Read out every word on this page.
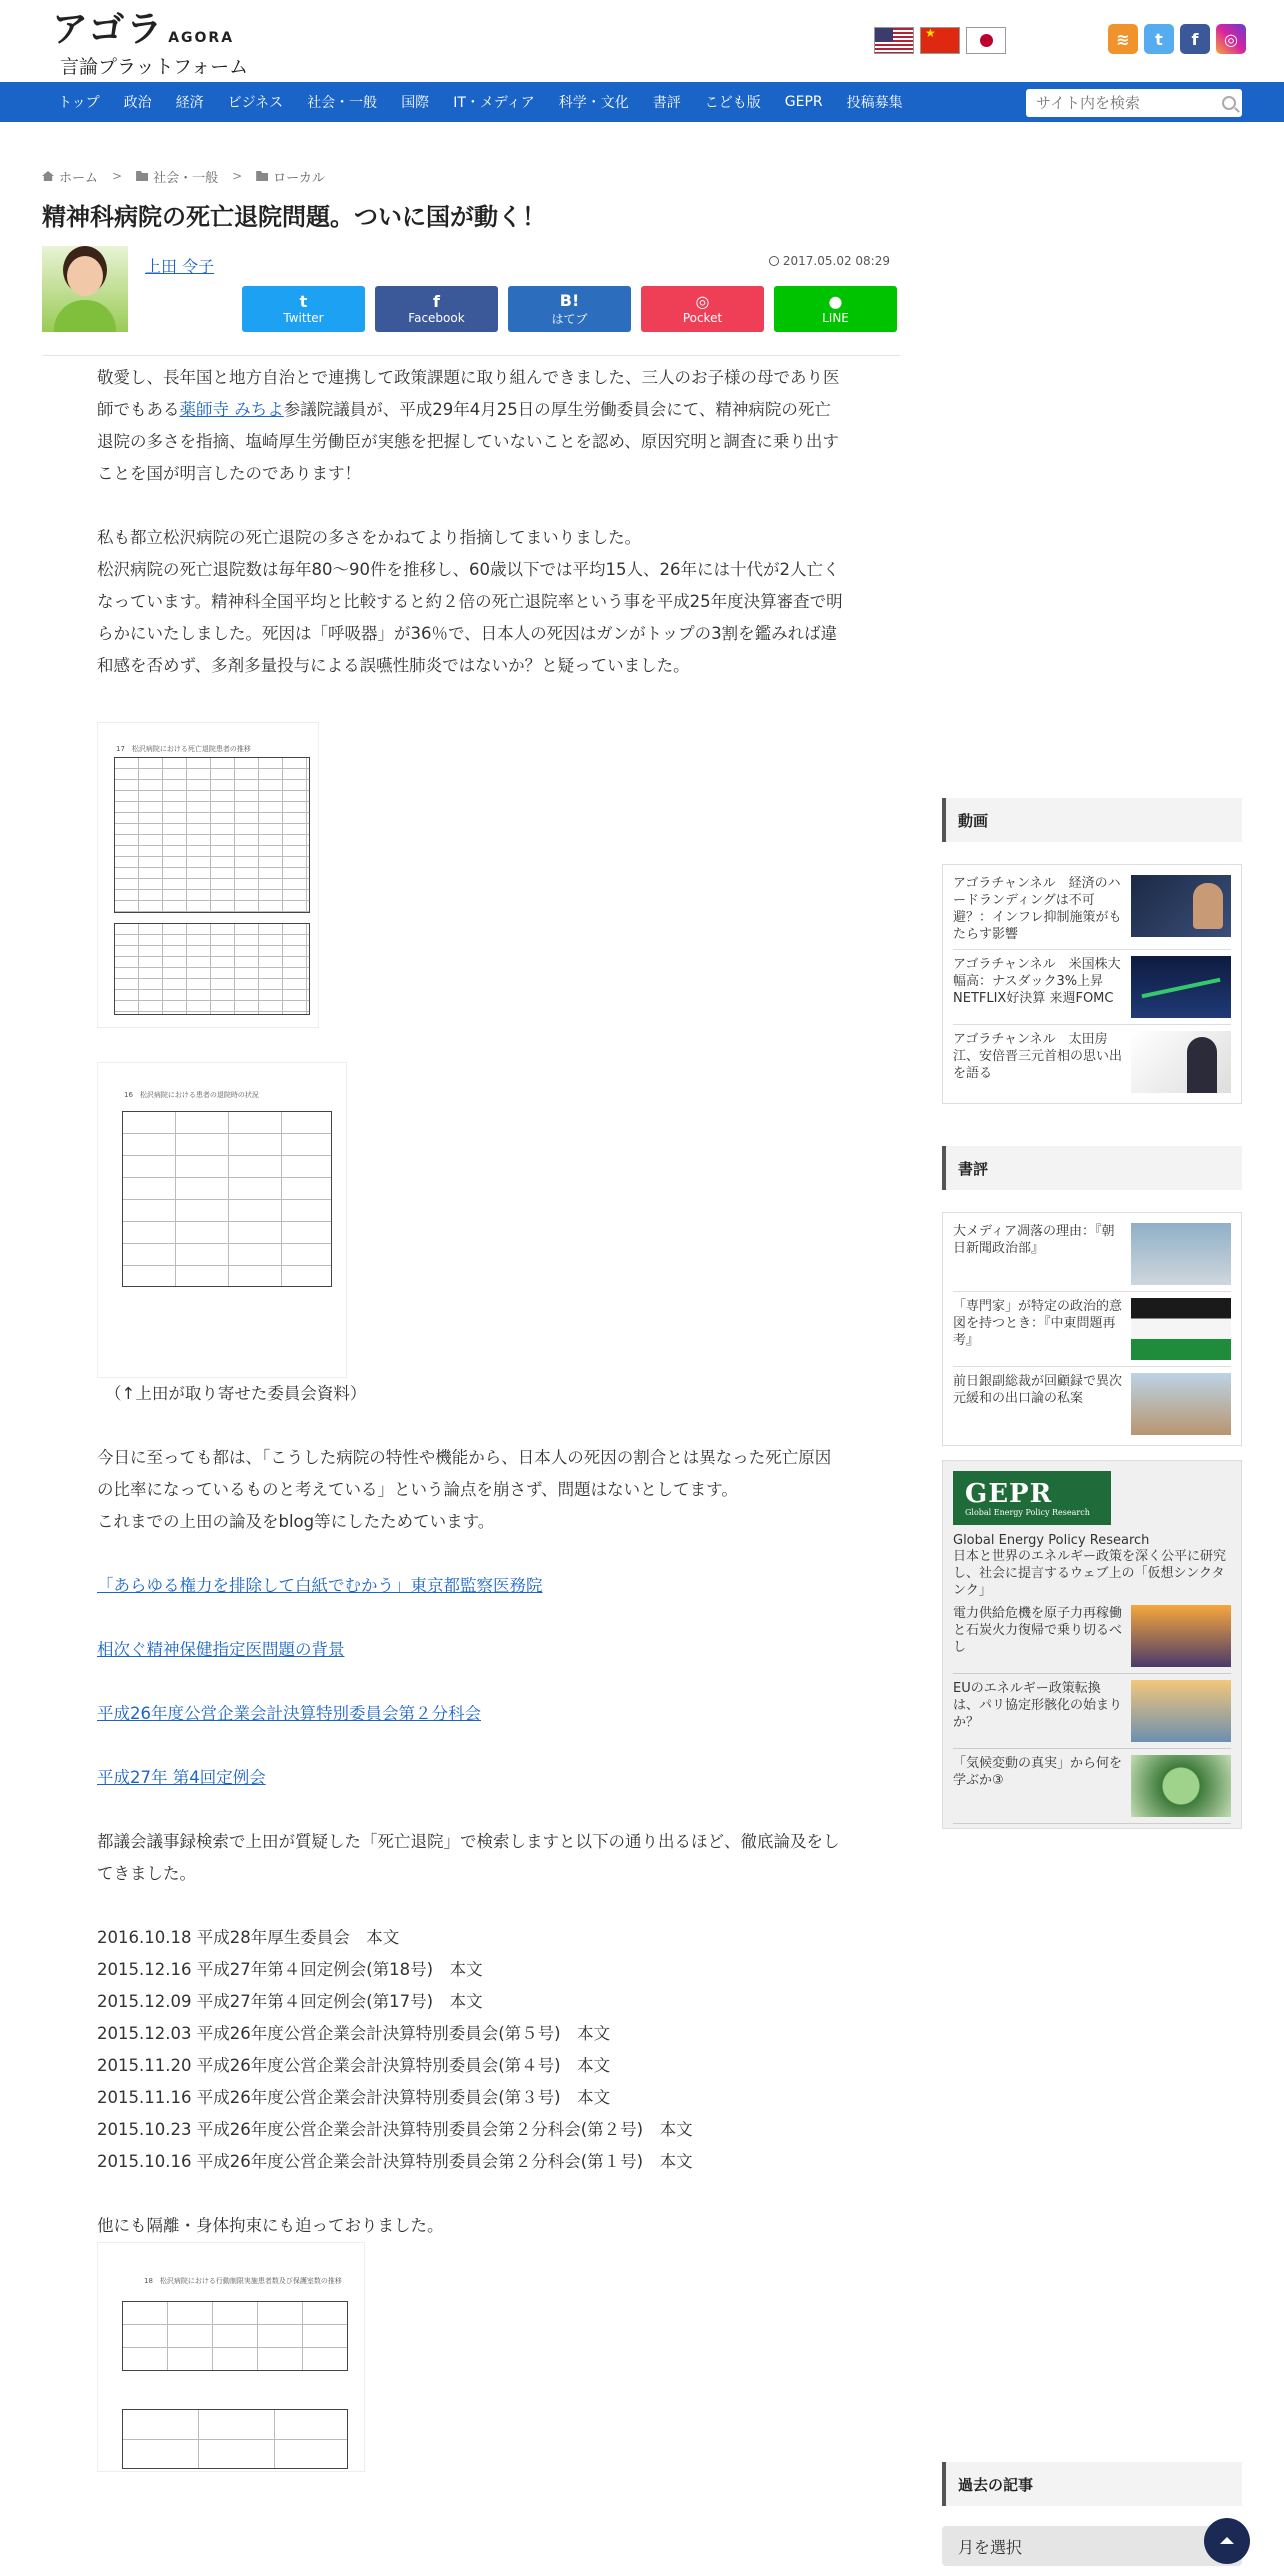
アゴラ $^{AGORA}$
言論プラットフォーム
★
≋	t	f	◎
トップ	政治	経済	ビジネス	社会・一般	国際	IT・メディア	科学・文化	書評	こども版	GEPR	投稿募集
サイト内を検索
ホーム > 社会・一般 > ローカル
精神科病院の死亡退院問題。ついに国が動く！
上田 令子	2017.05.02 08:29
t
Twitter
f
Facebook
B!
はてブ
◎
Pocket
●
LINE

敬愛し、長年国と地方自治とで連携して政策課題に取り組んできました、三人のお子様の母であり医師でもある薬師寺 みちよ参議院議員が、平成29年4月25日の厚生労働委員会にて、精神病院の死亡退院の多さを指摘、塩崎厚生労働臣が実態を把握していないことを認め、原因究明と調査に乗り出すことを国が明言したのであります！

私も都立松沢病院の死亡退院の多さをかねてより指摘してまいりました。

松沢病院の死亡退院数は毎年80～90件を推移し、60歳以下では平均15人、26年には十代が2人亡くなっています。精神科全国平均と比較すると約２倍の死亡退院率という事を平成25年度決算審査で明らかにいたしました。死因は「呼吸器」が36％で、日本人の死因はガンがトップの3割を鑑みれば違和感を否めず、多剤多量投与による誤嚥性肺炎ではないか？と疑っていました。

17　松沢病院における死亡退院患者の推移
16　松沢病院における患者の退院時の状況

（↑上田が取り寄せた委員会資料）

今日に至っても都は、「こうした病院の特性や機能から、日本人の死因の割合とは異なった死亡原因の比率になっているものと考えている」という論点を崩さず、問題はないとしてます。

これまでの上田の論及をblog等にしたためています。

「あらゆる権力を排除して白紙でむかう」東京都監察医務院

相次ぐ精神保健指定医問題の背景

平成26年度公営企業会計決算特別委員会第２分科会

平成27年 第4回定例会

都議会議事録検索で上田が質疑した「死亡退院」で検索しますと以下の通り出るほど、徹底論及をしてきました。

2016.10.18 平成28年厚生委員会　本文

2015.12.16 平成27年第４回定例会(第18号)　本文

2015.12.09 平成27年第４回定例会(第17号)　本文

2015.12.03 平成26年度公営企業会計決算特別委員会(第５号)　本文

2015.11.20 平成26年度公営企業会計決算特別委員会(第４号)　本文

2015.11.16 平成26年度公営企業会計決算特別委員会(第３号)　本文

2015.10.23 平成26年度公営企業会計決算特別委員会第２分科会(第２号)　本文

2015.10.16 平成26年度公営企業会計決算特別委員会第２分科会(第１号)　本文

他にも隔離・身体拘束にも迫っておりました。

18　松沢病院における行動制限実施患者数及び保護室数の推移
動画
アゴラチャンネル　経済のハードランディングは不可避？：インフレ抑制施策がもたらす影響
アゴラチャンネル　米国株大幅高：ナスダック3%上昇 NETFLIX好決算 来週FOMC
アゴラチャンネル　太田房江、安倍晋三元首相の思い出を語る
書評
大メディア凋落の理由：『朝日新聞政治部』
「専門家」が特定の政治的意図を持つとき：『中東問題再考』
前日銀副総裁が回顧録で異次元緩和の出口論の私案
GEPR
Global Energy Policy Research
Global Energy Policy Research
日本と世界のエネルギー政策を深く公平に研究し、社会に提言するウェブ上の「仮想シンクタンク」
電力供給危機を原子力再稼働と石炭火力復帰で乗り切るべし
EUのエネルギー政策転換は、パリ協定形骸化の始まりか？
「気候変動の真実」から何を学ぶか③
過去の記事
月を選択
